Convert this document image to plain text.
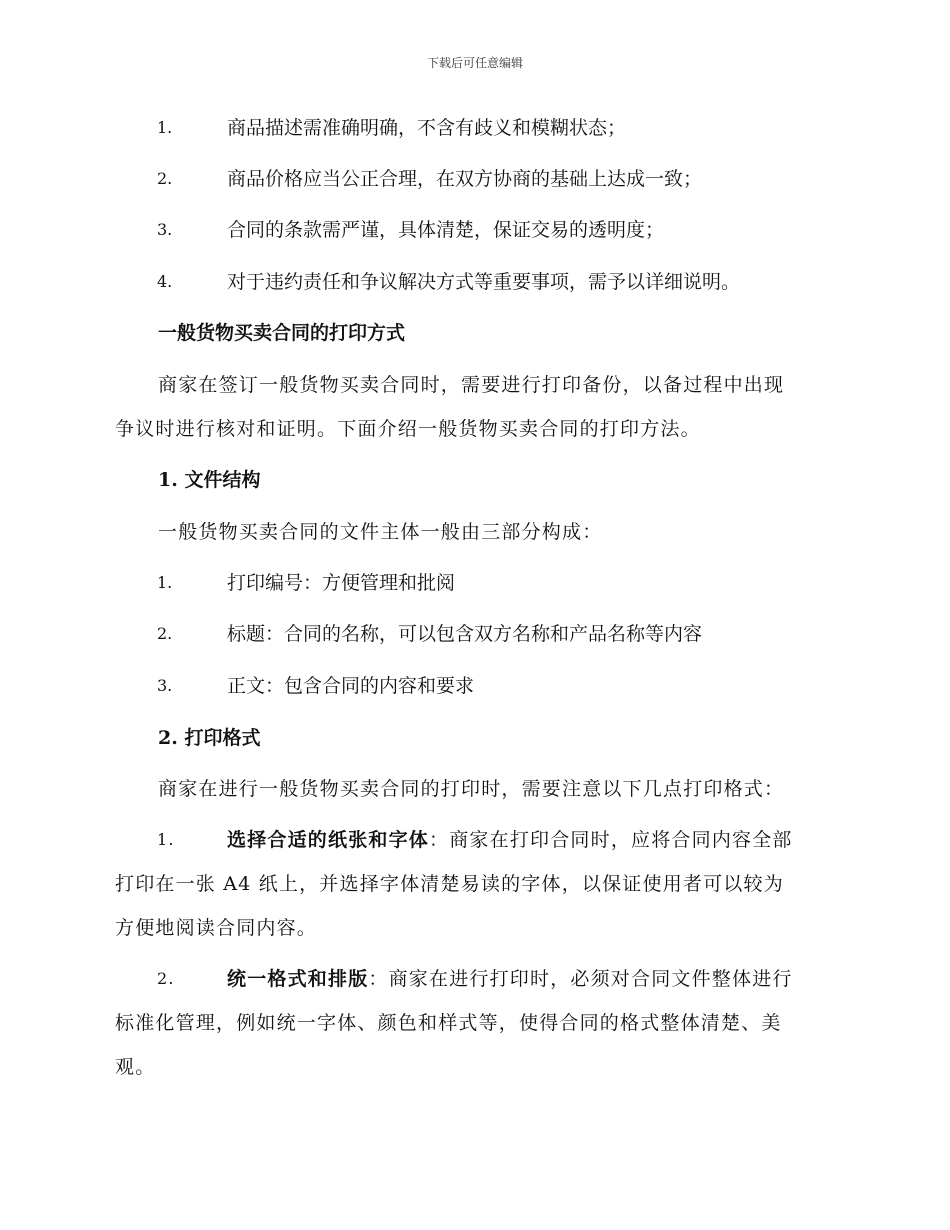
下载后可任意编辑
1.	商品描述需准确明确，不含有歧义和模糊状态；
2.	商品价格应当公正合理，在双方协商的基础上达成一致；
3.	合同的条款需严谨，具体清楚，保证交易的透明度；
4.	对于违约责任和争议解决方式等重要事项，需予以详细说明。
一般货物买卖合同的打印方式
商家在签订一般货物买卖合同时，需要进行打印备份，以备过程中出现
争议时进行核对和证明。下面介绍一般货物买卖合同的打印方法。
1. 文件结构
一般货物买卖合同的文件主体一般由三部分构成：
1.	打印编号：方便管理和批阅
2.	标题：合同的名称，可以包含双方名称和产品名称等内容
3.	正文：包含合同的内容和要求
2. 打印格式
商家在进行一般货物买卖合同的打印时，需要注意以下几点打印格式：
1.	选择合适的纸张和字体：商家在打印合同时，应将合同内容全部
打印在一张 A4 纸上，并选择字体清楚易读的字体，以保证使用者可以较为
方便地阅读合同内容。
2.	统一格式和排版：商家在进行打印时，必须对合同文件整体进行
标准化管理，例如统一字体、颜色和样式等，使得合同的格式整体清楚、美
观。
